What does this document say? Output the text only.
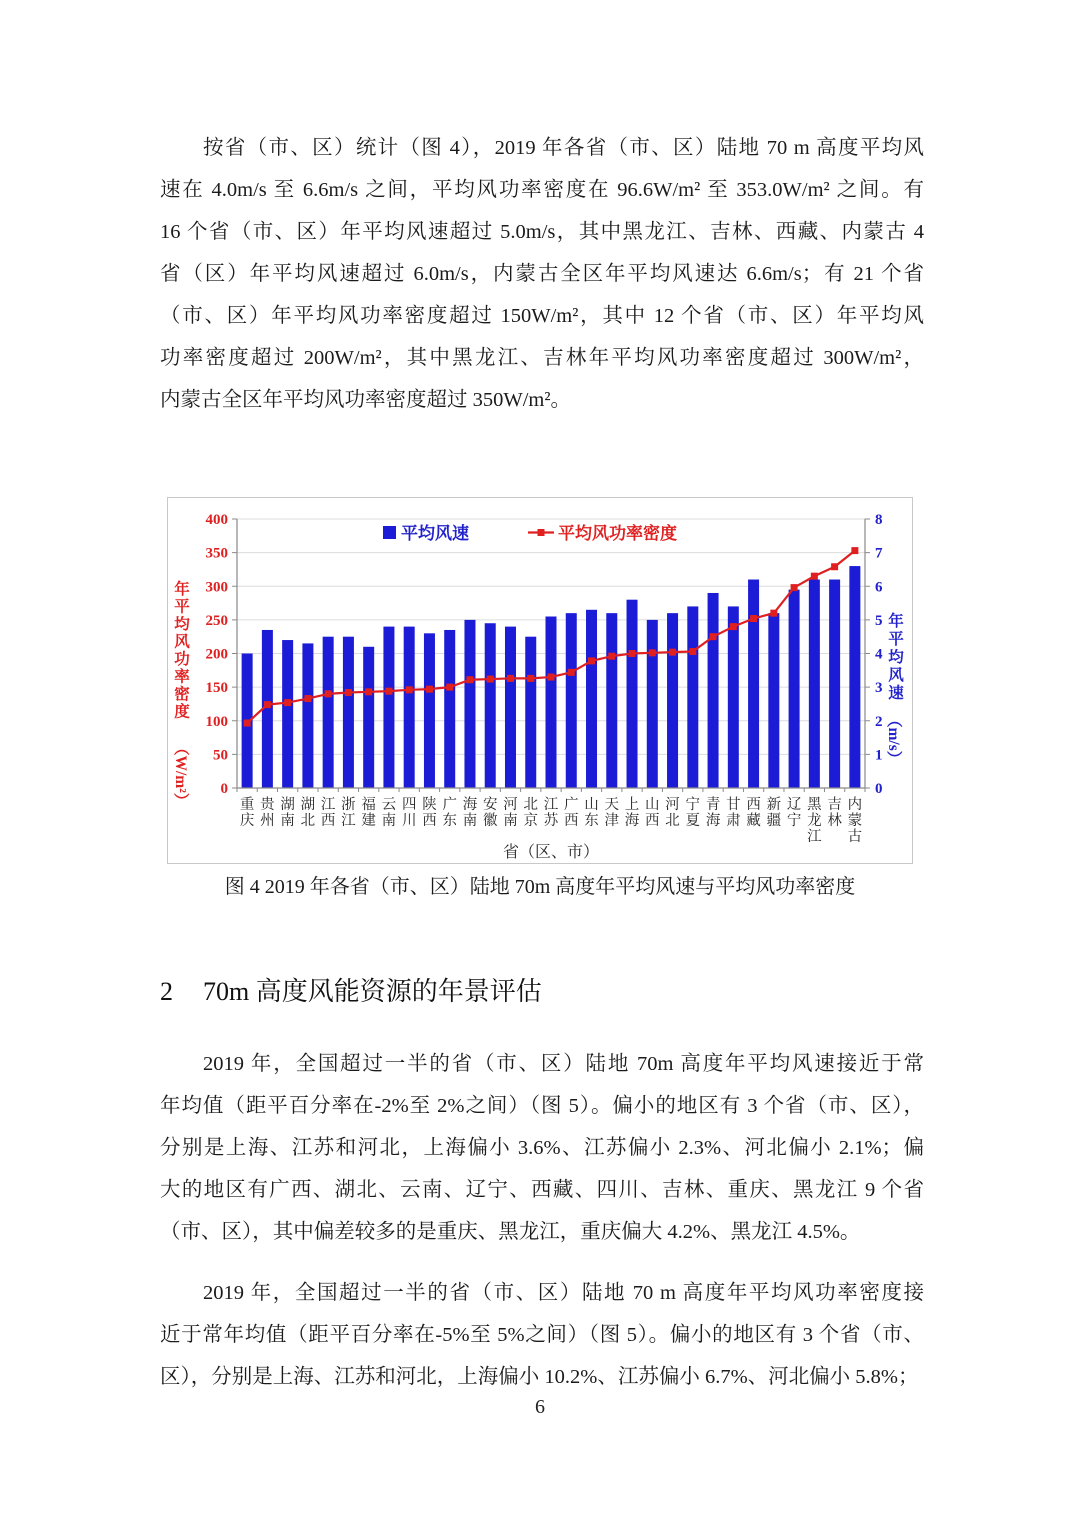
按省（市、区）统计（图 4），2019 年各省（市、区）陆地 70 m 高度平均风
速在 4.0m/s 至 6.6m/s 之间，平均风功率密度在 96.6W/m² 至 353.0W/m² 之间。有
16 个省（市、区）年平均风速超过 5.0m/s，其中黑龙江、吉林、西藏、内蒙古 4
省（区）年平均风速超过 6.0m/s，内蒙古全区年平均风速达 6.6m/s；有 21 个省
（市、区）年平均风功率密度超过 150W/m²，其中 12 个省（市、区）年平均风
功率密度超过 200W/m²，其中黑龙江、吉林年平均风功率密度超过 300W/m²，
内蒙古全区年平均风功率密度超过 350W/m²。
0
50
100
150
200
250
300
350
400
0
1
2
3
4
5
6
7
8
重庆
贵州
湖南
湖北
江西
浙江
福建
云南
四川
陕西
广东
海南
安徽
河南
北京
江苏
广西
山东
天津
上海
山西
河北
宁夏
青海
甘肃
西藏
新疆
辽宁
黑龙江
吉林
内蒙古
省（区、市）
年
平
均
风
功
率
密
度
（W/m²）
年
平
均
风
速
（m/s）
平均风速	平均风功率密度
图 4 2019 年各省（市、区）陆地 70m 高度年平均风速与平均风功率密度
2 70m 高度风能资源的年景评估
2019 年，全国超过一半的省（市、区）陆地 70m 高度年平均风速接近于常
年均值（距平百分率在-2%至 2%之间）（图 5）。偏小的地区有 3 个省（市、区），
分别是上海、江苏和河北，上海偏小 3.6%、江苏偏小 2.3%、河北偏小 2.1%；偏
大的地区有广西、湖北、云南、辽宁、西藏、四川、吉林、重庆、黑龙江 9 个省
（市、区），其中偏差较多的是重庆、黑龙江，重庆偏大 4.2%、黑龙江 4.5%。
2019 年，全国超过一半的省（市、区）陆地 70 m 高度年平均风功率密度接
近于常年均值（距平百分率在-5%至 5%之间）（图 5）。偏小的地区有 3 个省（市、
区），分别是上海、江苏和河北，上海偏小 10.2%、江苏偏小 6.7%、河北偏小 5.8%；
6
